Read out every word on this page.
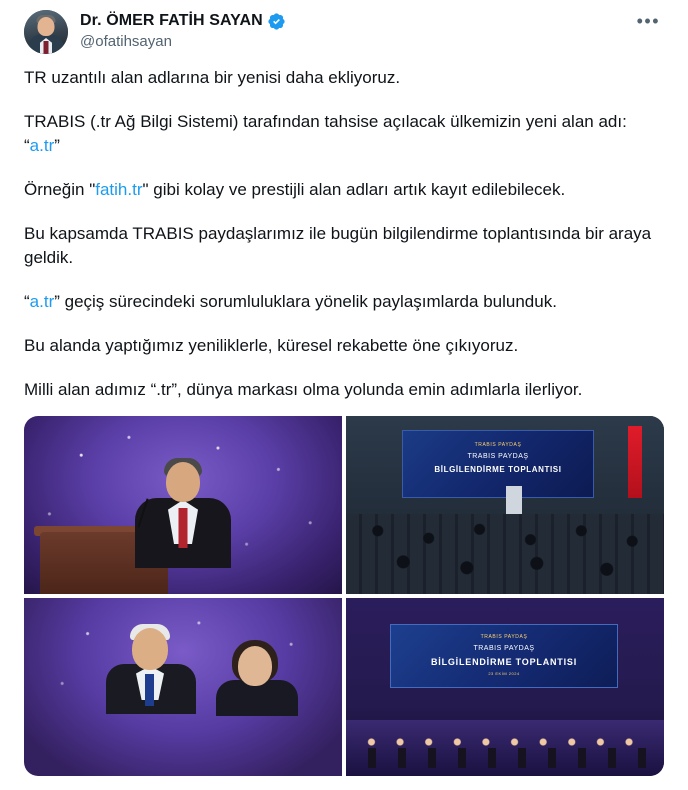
Dr. ÖMER FATİH SAYAN
@ofatihsayan
•••

TR uzantılı alan adlarına bir yenisi daha ekliyoruz.

TRABIS (.tr Ağ Bilgi Sistemi) tarafından tahsise açılacak ülkemizin yeni alan adı: “a.tr”

Örneğin "fatih.tr" gibi kolay ve prestijli alan adları artık kayıt edilebilecek.

Bu kapsamda TRABIS paydaşlarımız ile bugün bilgilendirme toplantısında bir araya geldik.

“a.tr” geçiş sürecindeki sorumluluklara yönelik paylaşımlarda bulunduk.

Bu alanda yaptığımız yeniliklerle, küresel rekabette öne çıkıyoruz.

Milli alan adımız “.tr”, dünya markası olma yolunda emin adımlarla ilerliyor.

TRABIS PAYDAŞ
TRABIS PAYDAŞ
BİLGİLENDİRME TOPLANTISI
TRABIS PAYDAŞ
TRABIS PAYDAŞ
BİLGİLENDİRME TOPLANTISI
23 EKİM 2024
